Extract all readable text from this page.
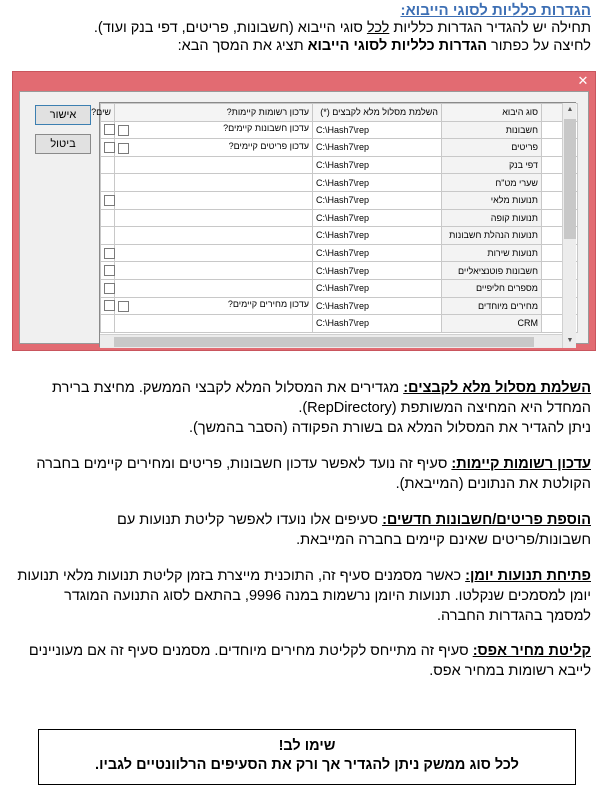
הגדרות כלליות לסוגי הייבוא:
תחילה יש להגדיר הגדרות כלליות לכל סוגי הייבוא (חשבונות, פריטים, דפי בנק ועוד).
לחיצה על כפתור הגדרות כלליות לסוגי הייבוא תציג את המסך הבא:
✕
שים?	עדכון רשומות קיימות?	השלמת מסלול מלא לקבצים (*)	סוג היבוא	
	עדכון חשבונות קיימים?	C:\Hash7\rep	חשבונות	
	עדכון פריטים קיימים?	C:\Hash7\rep	פריטים	
		C:\Hash7\rep	דפי בנק	
		C:\Hash7\rep	שערי מט"ח	
		C:\Hash7\rep	תנועות מלאי	
		C:\Hash7\rep	תנועות קופה	
		C:\Hash7\rep	תנועות הנהלת חשבונות	
		C:\Hash7\rep	תנועות שירות	
		C:\Hash7\rep	חשבונות פוטנציאליים	
		C:\Hash7\rep	מספרים חליפיים	
	עדכון מחירים קיימים?	C:\Hash7\rep	מחירים מיוחדים	
		C:\Hash7\rep	CRM	
▲
▼
אישור
ביטול
השלמת מסלול מלא לקבצים: מגדירים את המסלול המלא לקבצי הממשק. מחיצת ברירת המחדל היא המחיצה המשותפת (RepDirectory).
ניתן להגדיר את המסלול המלא גם בשורת הפקודה (הסבר בהמשך).
עדכון רשומות קיימות: סעיף זה נועד לאפשר עדכון חשבונות, פריטים ומחירים קיימים בחברה הקולטת את הנתונים (המייבאת).
הוספת פריטים/חשבונות חדשים: סעיפים אלו נועדו לאפשר קליטת תנועות עם חשבונות/פריטים שאינם קיימים בחברה המייבאת.
פתיחת תנועות יומן: כאשר מסמנים סעיף זה, התוכנית מייצרת בזמן קליטת תנועות מלאי תנועות יומן למסמכים שנקלטו. תנועות היומן נרשמות במנה 9996, בהתאם לסוג התנועה המוגדר למסמך בהגדרות החברה.
קליטת מחיר אפס: סעיף זה מתייחס לקליטת מחירים מיוחדים. מסמנים סעיף זה אם מעוניינים לייבא רשומות במחיר אפס.
שימו לב!
לכל סוג ממשק ניתן להגדיר אך ורק את הסעיפים הרלוונטיים לגביו.
